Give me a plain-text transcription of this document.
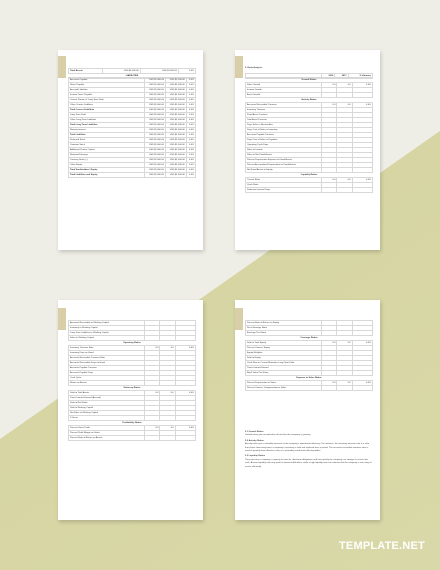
Total Assets	USD $1,000.00	USD $1,000.00	0.0%
LIABILITIES
Accounts Payable	USD $1,000.00	USD $1,000.00	0.0%
Notes Payable	USD $1,000.00	USD $1,000.00	0.0%
Accrued Liabilities	USD $1,000.00	USD $1,000.00	0.0%
Income Taxes Payable	USD $1,000.00	USD $1,000.00	0.0%
Current Portion of Long-Term Debt	USD $1,000.00	USD $1,000.00	0.0%
Other Current Liabilities	USD $1,000.00	USD $1,000.00	0.0%
Total Current Liabilities	USD $1,000.00	USD $1,000.00	0.0%
Long-Term Debt	USD $1,000.00	USD $1,000.00	0.0%
Other Long-Term Liabilities	USD $1,000.00	USD $1,000.00	0.0%
Total Long-Term Liabilities	USD $1,000.00	USD $1,000.00	0.0%
Minority Interest	USD $1,000.00	USD $1,000.00	0.0%
Total Liabilities	USD $1,000.00	USD $1,000.00	0.0%
Preferred Stock	USD $1,000.00	USD $1,000.00	0.0%
Common Stock	USD $1,000.00	USD $1,000.00	0.0%
Additional Paid-in Capital	USD $1,000.00	USD $1,000.00	0.0%
Retained Earnings	USD $1,000.00	USD $1,000.00	0.0%
Treasury Stock (-)	USD $1,000.00	USD $1,000.00	0.0%
Other Equity	USD $1,000.00	USD $1,000.00	0.0%
Total Stockholders' Equity	USD $1,000.00	USD $1,000.00	0.0%
Total Liabilities and Equity	USD $1,000.00	USD $1,000.00	0.0%
5. Ratio Analysis
	2016	2017	% Variance
Growth Ratios			
Sales Growth	0.0	0.0	0.0%
Income Growth			
Asset Growth			
Activity Ratios			
Accounts Receivable Turnover	0.0	0.0	0.0%
Inventory Turnover			
Fixed Asset Turnover			
Total Asset Turnover			
Days Sales in Receivables			
Days Cost of Sales in Inventory			
Accounts Payable Turnover			
Days Cost of Sales in Payables			
Operating Cycle Days			
Sales to Income			
Sales to Net Fixed Assets			
Percent Depreciation Expense to Fixed Assets			
Percent Accumulated Depreciation to Fixed Assets			
Net Fixed Assets to Equity			
Liquidity Ratios			
Current Ratio	0.0	0.0	0.0%
Quick Ratio			
Defensive Interval Days			
Accounts Receivable to Working Capital			
Inventory to Working Capital			
Long-Term Liabilities to Working Capital			
Sales to Working Capital			
Operating Ratios			
Inventory Turnover Rate	0.0	0.0	0.0%
Inventory Days on Hand			
Accounts Receivable Turnover Rate			
Accounts Receivable Days on Hand			
Accounts Payable Turnover			
Accounts Payable Days			
Cash Cycle			
Return on Assets			
Solvency Ratios			
Debt to Total Assets	0.0	0.0	0.0%
Times Interest Earned (Accrual)			
Debt to Net Worth			
Debt to Working Capital			
Net Sales to Working Capital			
Z-Score			
Profitability Ratios			
Percent Gross Profit	0.0	0.0	0.0%
Percent Profit Margin on Sales			
Percent Rate of Return on Assets			
Percent Rate of Return on Equity			
Price Earnings Ratio			
Earnings Per Share			
Coverage Ratios			
Debt to Total Equity	0.0	0.0	0.0%
Percent Owners' Equity			
Equity Multiplier			
Debt to Equity			
Cash Flow to Current Maturities Long-Term Debt			
Times Interest Earned			
Book Value Per Share			
Expense to Sales Ratios			
Percent Depreciation to Sales	0.0	0.0	0.0%
Percent Owners' Compensation to Sales			
5.1 Growth Ratios
Growth ratios give an indication of how fast the company is growing.
5.2 Activity Ratios
Activity ratios give a valuable measure of the company's operational efficiency. For instance, the inventory turnover rate is a ratio that shows how many times a company's inventory is sold and replaced over a period. The accounts receivable turnover ratio is used to quantify how effective a firm is in extending credit and collecting debts.
5.3 Liquidity Ratios
They measure a company's capacity to meet its short-term obligations and how quickly the company can change its assets into cash. A lower liquidity ratio may point to financial difficulties, while a high liquidity ratio can indicate that the company is not using its assets efficiently.
TEMPLATE.NET
